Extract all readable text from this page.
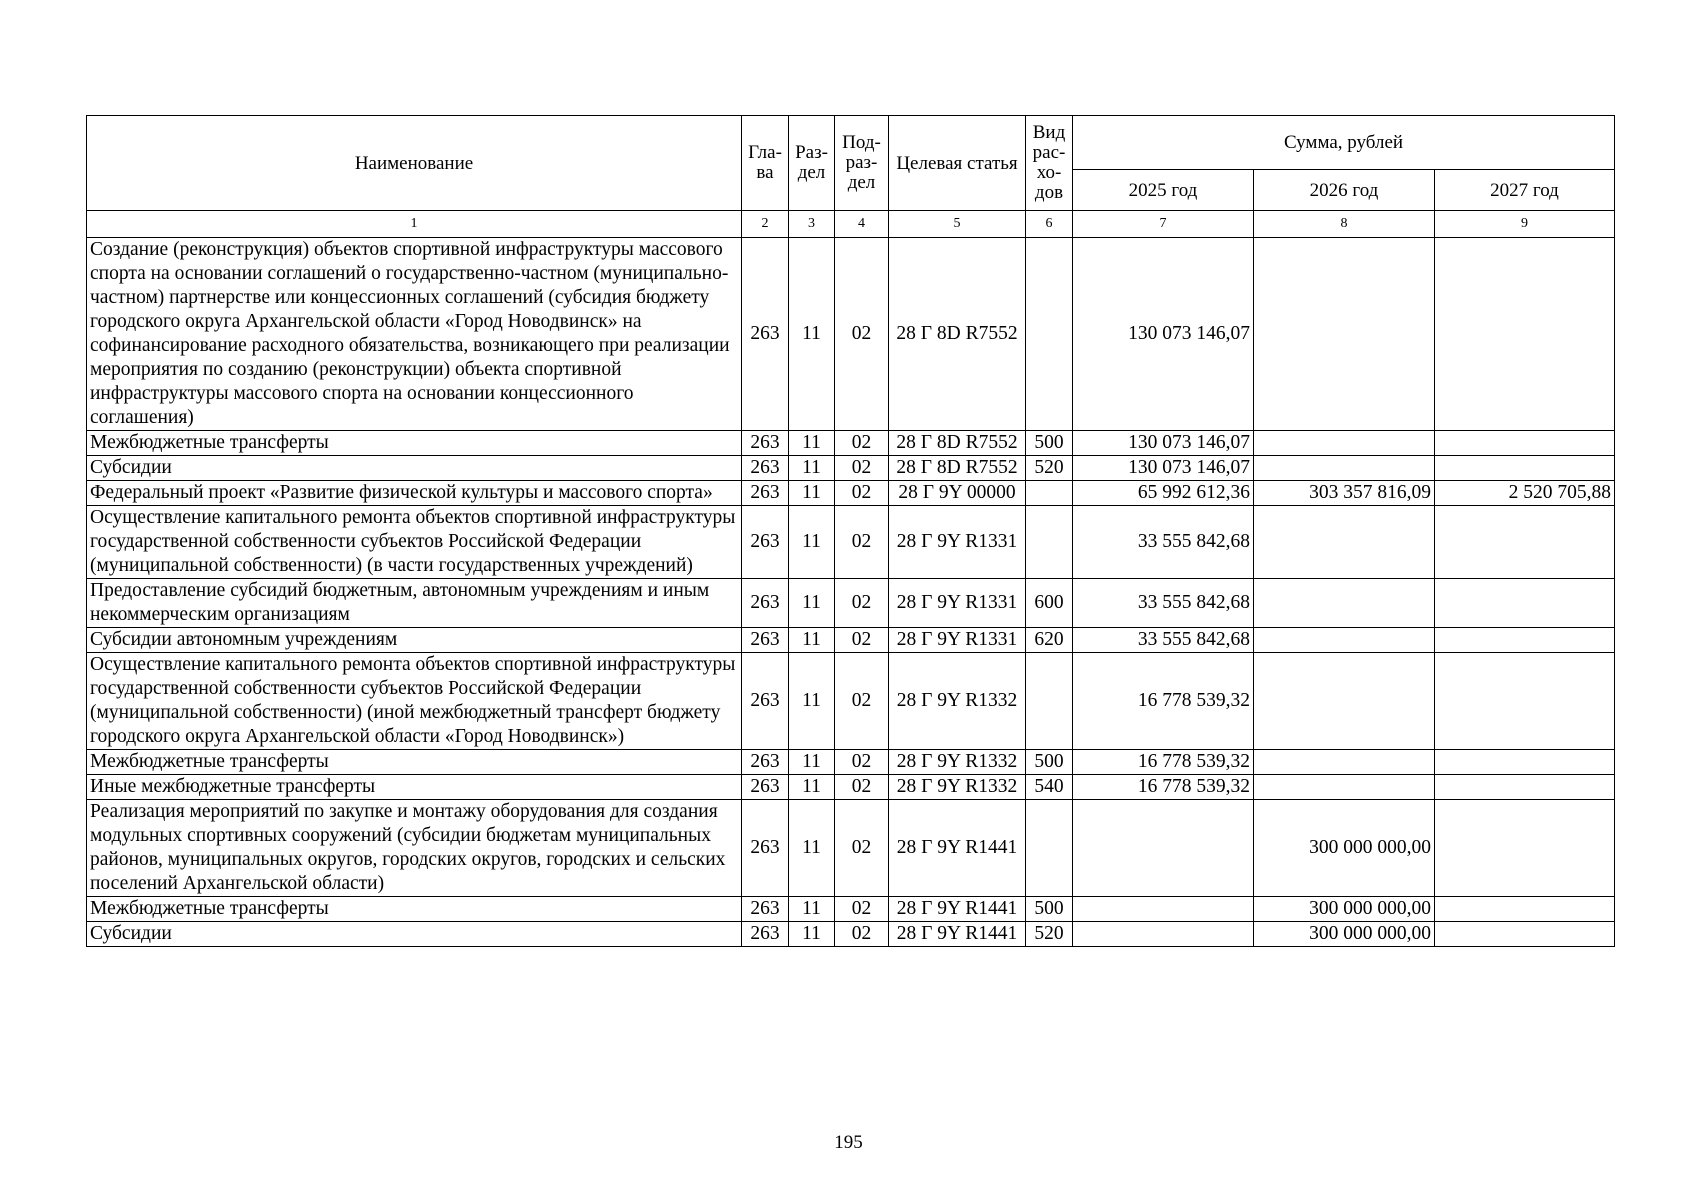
Наименование	Гла- ва	Раз- дел	Под- раз- дел	Целевая статья	Вид рас- хо- дов	Сумма, рублей		
						2025 год	2026 год	2027 год
1	2	3	4	5	6	7	8	9
Создание (реконструкция) объектов спортивной инфраструктуры массового спорта на основании соглашений о государственно-частном (муниципально-частном) партнерстве или концессионных соглашений (субсидия бюджету городского округа Архангельской области «Город Новодвинск» на софинансирование расходного обязательства, возникающего при реализации мероприятия по созданию (реконструкции) объекта спортивной инфраструктуры массового спорта на основании концессионного соглашения)	263	11	02	28 Г 8D R7552		130 073 146,07		
Межбюджетные трансферты	263	11	02	28 Г 8D R7552	500	130 073 146,07		
Субсидии	263	11	02	28 Г 8D R7552	520	130 073 146,07		
Федеральный проект «Развитие физической культуры и массового спорта»	263	11	02	28 Г 9Y 00000		65 992 612,36	303 357 816,09	2 520 705,88
Осуществление капитального ремонта объектов спортивной инфраструктуры государственной собственности субъектов Российской Федерации (муниципальной собственности) (в части государственных учреждений)	263	11	02	28 Г 9Y R1331		33 555 842,68		
Предоставление субсидий бюджетным, автономным учреждениям и иным некоммерческим организациям	263	11	02	28 Г 9Y R1331	600	33 555 842,68		
Субсидии автономным учреждениям	263	11	02	28 Г 9Y R1331	620	33 555 842,68		
Осуществление капитального ремонта объектов спортивной инфраструктуры государственной собственности субъектов Российской Федерации (муниципальной собственности) (иной межбюджетный трансферт бюджету городского округа Архангельской области «Город Новодвинск»)	263	11	02	28 Г 9Y R1332		16 778 539,32		
Межбюджетные трансферты	263	11	02	28 Г 9Y R1332	500	16 778 539,32		
Иные межбюджетные трансферты	263	11	02	28 Г 9Y R1332	540	16 778 539,32		
Реализация мероприятий по закупке и монтажу оборудования для создания модульных спортивных сооружений (субсидии бюджетам муниципальных районов, муниципальных округов, городских округов, городских и сельских поселений Архангельской области)	263	11	02	28 Г 9Y R1441			300 000 000,00	
Межбюджетные трансферты	263	11	02	28 Г 9Y R1441	500		300 000 000,00	
Субсидии	263	11	02	28 Г 9Y R1441	520		300 000 000,00	
195
